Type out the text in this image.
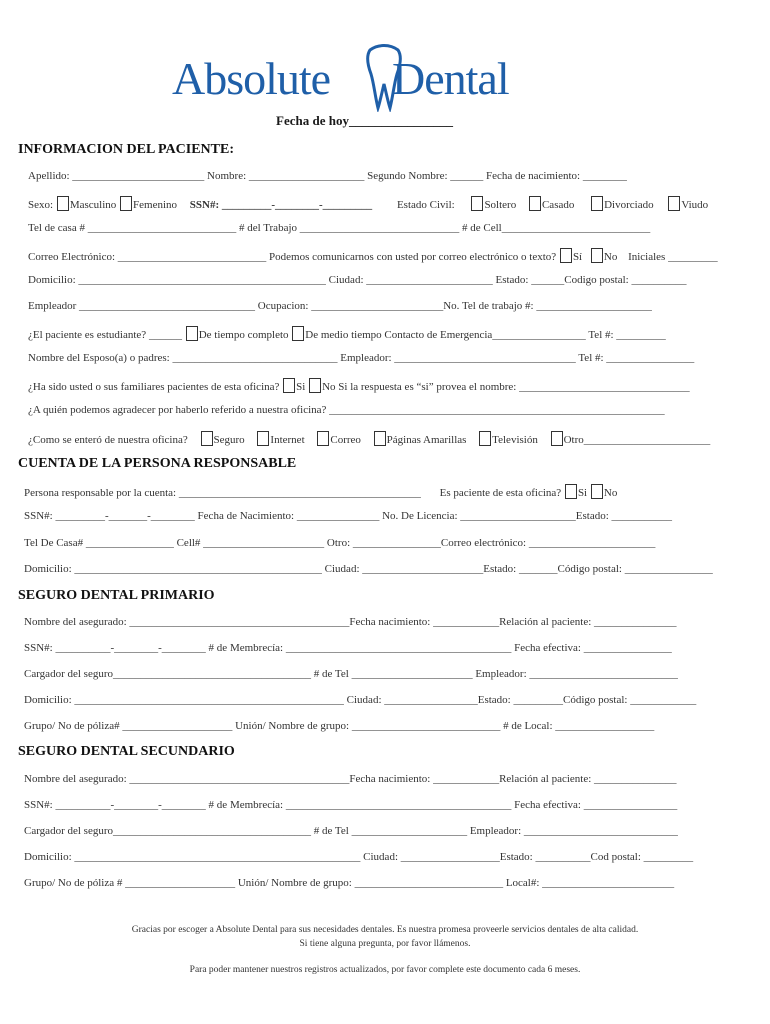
Absolute Dental
Fecha de hoy________________
INFORMACION DEL PACIENTE:
Apellido: ________________________ Nombre: _____________________ Segundo Nombre: ______ Fecha de nacimiento: ________
Sexo: Masculino Femenino SSN#: _________-________-_________ Estado Civil:	Soltero Casado	Divorciado	Viudo
Tel de casa # ___________________________ # del Trabajo _____________________________ # de Cell___________________________
Correo Electrónico: ___________________________ Podemos comunicarnos con usted por correo electrónico o texto? Sí No Iniciales _________
Domicilio: _____________________________________________ Ciudad: _______________________ Estado: ______Codigo postal: __________
Empleador ________________________________ Ocupacion: ________________________No. Tel de trabajo #: _____________________
¿El paciente es estudiante? ______ De tiempo completo De medio tiempo Contacto de Emergencia_________________ Tel #: _________
Nombre del Esposo(a) o padres: ______________________________ Empleador: _________________________________ Tel #: ________________
¿Ha sido usted o sus familiares pacientes de esta oficina? Si No Si la respuesta es “si” provea el nombre: _______________________________
¿A quién podemos agradecer por haberlo referido a nuestra oficina? _____________________________________________________________
¿Como se enteró de nuestra oficina? Seguro Internet Correo Páginas Amarillas Televisión Otro_______________________
CUENTA DE LA PERSONA RESPONSABLE
Persona responsable por la cuenta: ____________________________________________ Es paciente de esta oficina? Si No
SSN#: _________-_______-________ Fecha de Nacimiento: _______________ No. De Licencia: _____________________Estado: ___________
Tel De Casa# ________________ Cell# ______________________ Otro: ________________Correo electrónico: _______________________
Domicilio: _____________________________________________ Ciudad: ______________________Estado: _______Código postal: ________________
SEGURO DENTAL PRIMARIO
Nombre del asegurado: ________________________________________Fecha nacimiento: ____________Relación al paciente: _______________
SSN#: __________-________-________ # de Membrecía: _________________________________________ Fecha efectiva: ________________
Cargador del seguro____________________________________ # de Tel ______________________ Empleador: ___________________________
Domicilio: _________________________________________________ Ciudad: _________________Estado: _________Código postal: ____________
Grupo/ No de póliza# ____________________ Unión/ Nombre de grupo: ___________________________ # de Local: __________________
SEGURO DENTAL SECUNDARIO
Nombre del asegurado: ________________________________________Fecha nacimiento: ____________Relación al paciente: _______________
SSN#: __________-________-________ # de Membrecía: _________________________________________ Fecha efectiva: _________________
Cargador del seguro____________________________________ # de Tel _____________________ Empleador: ____________________________
Domicilio: ____________________________________________________ Ciudad: __________________Estado: __________Cod postal: _________
Grupo/ No de póliza # ____________________ Unión/ Nombre de grupo: ___________________________ Local#: ________________________
Gracias por escoger a Absolute Dental para sus necesidades dentales. Es nuestra promesa proveerle servicios dentales de alta calidad.
Si tiene alguna pregunta, por favor llámenos.
Para poder mantener nuestros registros actualizados, por favor complete este documento cada 6 meses.
